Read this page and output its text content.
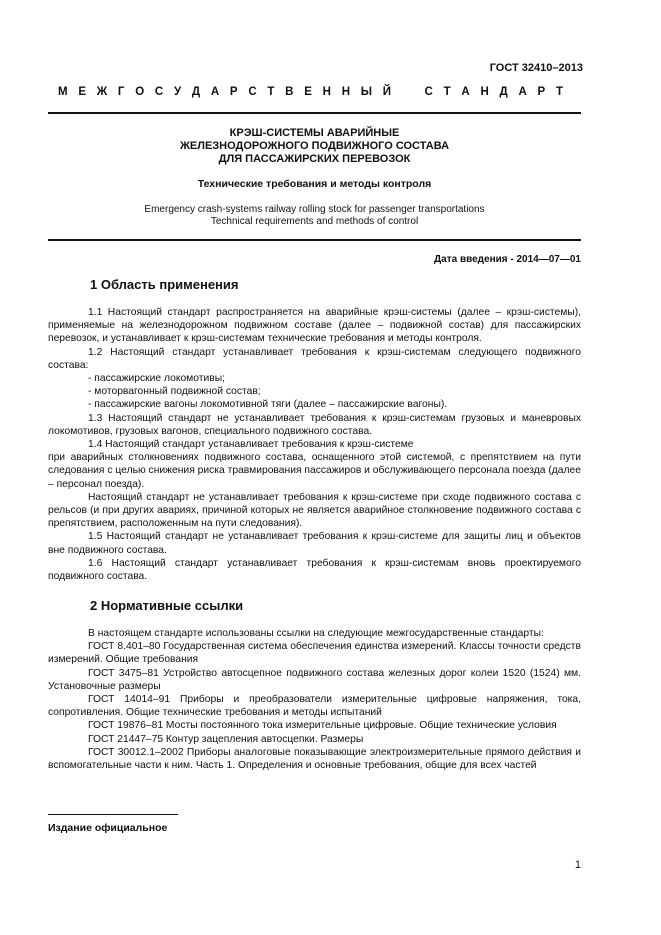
ГОСТ 32410–2013
М Е Ж Г О С У Д А Р С Т В Е Н Н Ы Й	С Т А Н Д А Р Т
КРЭШ-СИСТЕМЫ АВАРИЙНЫЕ
ЖЕЛЕЗНОДОРОЖНОГО ПОДВИЖНОГО СОСТАВА
ДЛЯ ПАССАЖИРСКИХ ПЕРЕВОЗОК
Технические требования и методы контроля
Emergency crash-systems railway rolling stock for passenger transportations
Technical requirements and methods of control
Дата введения - 2014—07—01
1 Область применения

1.1 Настоящий стандарт распространяется на аварийные крэш-системы (далее – крэш-системы), применяемые на железнодорожном подвижном составе (далее – подвижной состав) для пассажирских перевозок, и устанавливает к крэш-системам технические требования и методы контроля.

1.2 Настоящий стандарт устанавливает требования к крэш-системам следующего подвижного состава:

- пассажирские локомотивы;

- моторвагонный подвижной состав;

- пассажирские вагоны локомотивной тяги (далее – пассажирские вагоны).

1.3 Настоящий стандарт не устанавливает требования к крэш-системам грузовых и маневровых локомотивов, грузовых вагонов, специального подвижного состава.

1.4 Настоящий стандарт устанавливает требования к крэш-системе

при аварийных столкновениях подвижного состава, оснащенного этой системой, с препятствием на пути следования с целью снижения риска травмирования пассажиров и обслуживающего персонала поезда (далее – персонал поезда).

Настоящий стандарт не устанавливает требования к крэш-системе при сходе подвижного состава с рельсов (и при других авариях, причиной которых не является аварийное столкновение подвижного состава с препятствием, расположенным на пути следования).

1.5 Настоящий стандарт не устанавливает требования к крэш-системе для защиты лиц и объектов вне подвижного состава.

1.6 Настоящий стандарт устанавливает требования к крэш-системам вновь проектируемого подвижного состава.

2 Нормативные ссылки

В настоящем стандарте использованы ссылки на следующие межгосударственные стандарты:

ГОСТ 8.401–80 Государственная система обеспечения единства измерений. Классы точности средств измерений. Общие требования

ГОСТ 3475–81 Устройство автосцепное подвижного состава железных дорог колеи 1520 (1524) мм. Установочные размеры

ГОСТ 14014–91 Приборы и преобразователи измерительные цифровые напряжения, тока, сопротивления. Общие технические требования и методы испытаний

ГОСТ 19876–81 Мосты постоянного тока измерительные цифровые. Общие технические условия

ГОСТ 21447–75 Контур зацепления автосцепки. Размеры

ГОСТ 30012.1–2002 Приборы аналоговые показывающие электроизмерительные прямого действия и вспомогательные части к ним. Часть 1. Определения и основные требования, общие для всех частей

Издание официальное
1
